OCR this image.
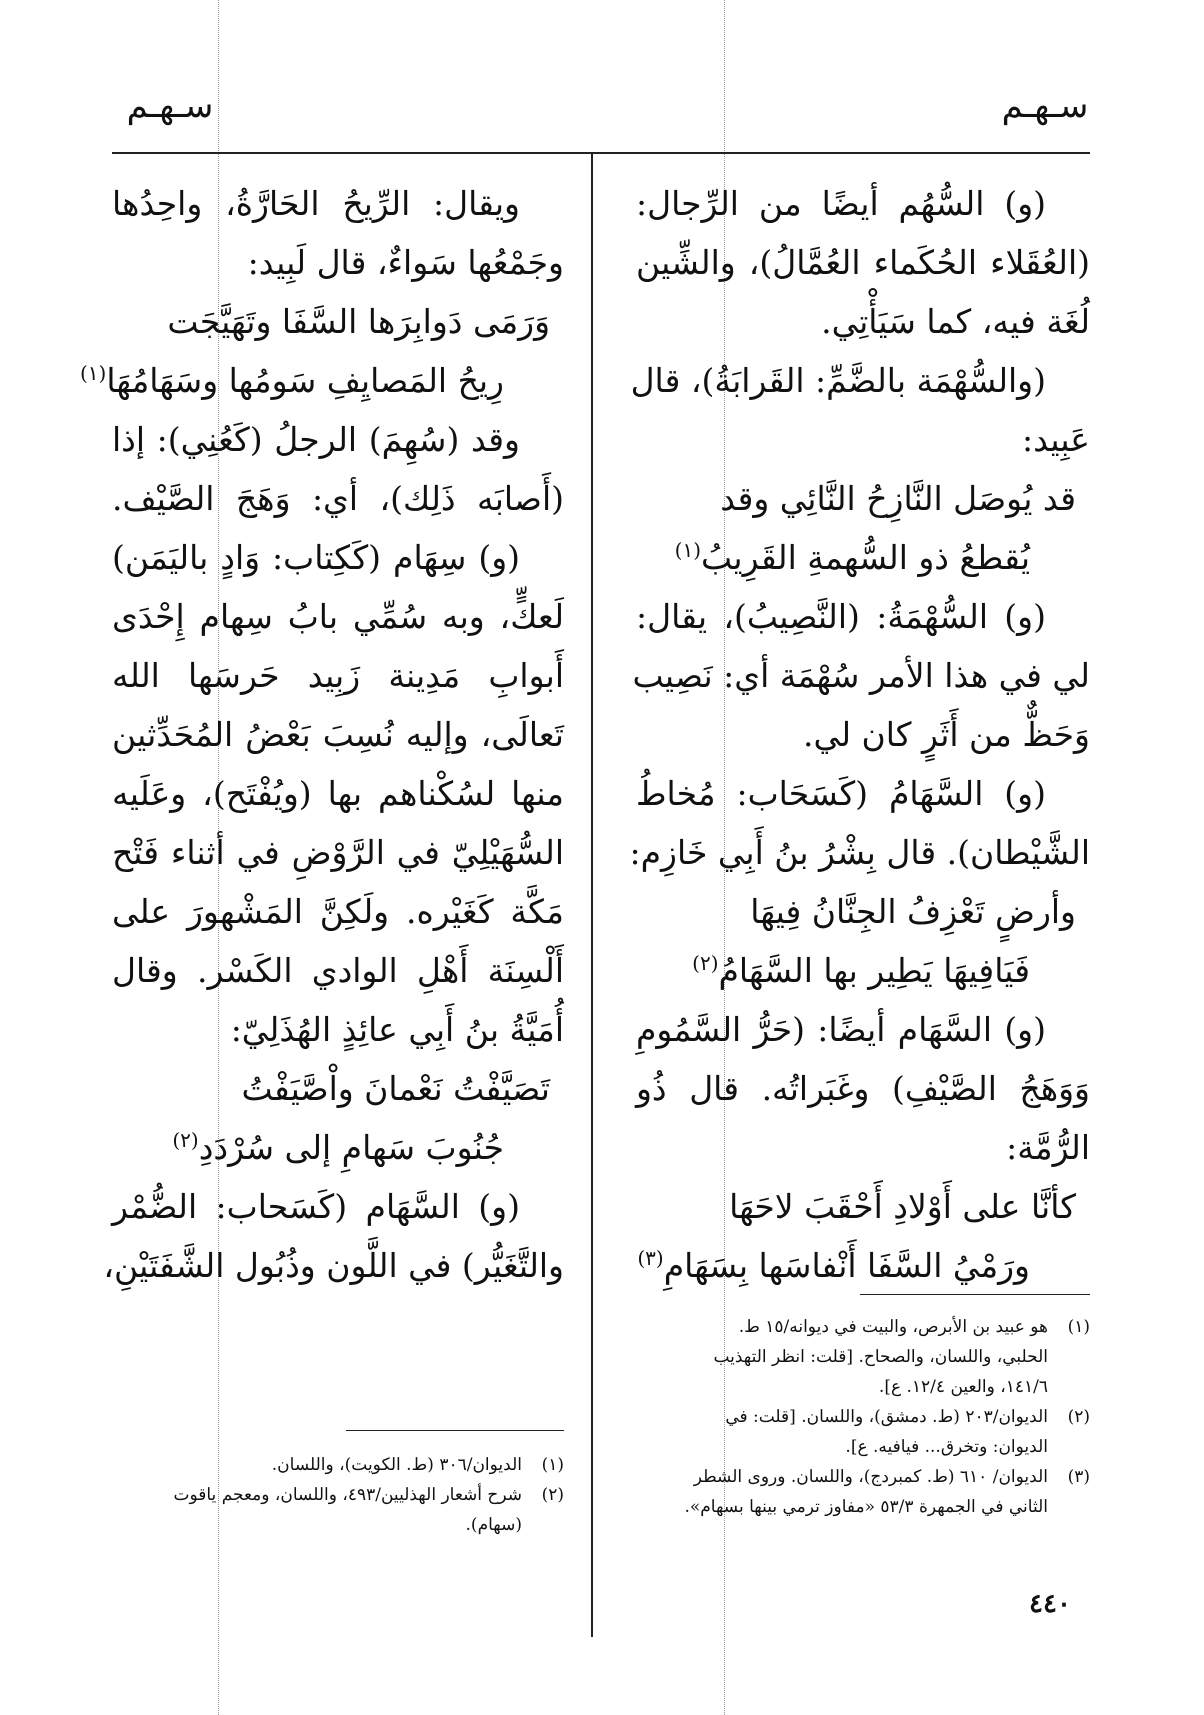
سـهـم
سـهـم
(و) السُّهُم أيضًا من الرِّجال:
(العُقَلاء الحُكَماء العُمَّالُ)، والشِّين
لُغَة فيه، كما سَيَأْتِي.
(والسُّهْمَة بالضَّمِّ: القَرابَةُ)، قال
عَبِيد:
قد يُوصَل النَّازِحُ النَّائِي وقد
يُقطعُ ذو السُّهمةِ القَرِيبُ$^{(١)}$
(و) السُّهْمَةُ: (النَّصِيبُ)، يقال:
لي في هذا الأمر سُهْمَة أي: نَصِيب
وَحَظٌّ من أَثَرٍ كان لي.
(و) السَّهَامُ (كَسَحَاب: مُخاطُ
الشَّيْطان). قال بِشْرُ بنُ أَبِي خَازِم:
وأرضٍ تَعْزِفُ الجِنَّانُ فِيهَا
فَيَافِيهَا يَطِير بها السَّهَامُ$^{(٢)}$
(و) السَّهَام أيضًا: (حَرُّ السَّمُومِ
وَوَهَجُ الصَّيْفِ) وغَبَراتُه. قال ذُو
الرُّمَّة:
كأنَّا على أَوْلادِ أَحْقَبَ لاحَهَا
ورَمْيُ السَّفَا أَنْفاسَها بِسَهَامِ$^{(٣)}$
ويقال: الرِّيحُ الحَارَّةُ، واحِدُها
وجَمْعُها سَواءٌ، قال لَبِيد:
وَرَمَى دَوابِرَها السَّفَا وتَهَيَّجَت
رِيحُ المَصايِفِ سَومُها وسَهَامُهَا$^{(١)}$
وقد (سُهِمَ) الرجلُ (كَعُنِي): إذا
(أَصابَه ذَلِك)، أي: وَهَجَ الصَّيْف.
(و) سِهَام (كَكِتاب: وَادٍ باليَمَن)
لَعكٍّ، وبه سُمِّي بابُ سِهام إِحْدَى
أَبوابِ مَدِينة زَبِيد حَرسَها الله
تَعالَى، وإليه نُسِبَ بَعْضُ المُحَدِّثين
منها لسُكْناهم بها (ويُفْتَح)، وعَلَيه
السُّهَيْلِيّ في الرَّوْضِ في أثناء فَتْح
مَكَّة كَغَيْره. ولَكِنَّ المَشْهورَ على
أَلْسِنَة أَهْلِ الوادي الكَسْر. وقال
أُمَيَّةُ بنُ أَبِي عائِذٍ الهُذَلِيّ:
تَصَيَّفْتُ نَعْمانَ واْصَّيَفْتُ
جُنُوبَ سَهامِ إلى سُرْدَدِ$^{(٢)}$
(و) السَّهَام (كَسَحاب: الضُّمْر
والتَّغَيُّر) في اللَّون وذُبُول الشَّفَتَيْنِ،
(١)هو عبيد بن الأبرص، والبيت في ديوانه/١٥ ط.
الحلبي، واللسان، والصحاح. [قلت: انظر التهذيب
١٤١/٦، والعين ١٢/٤. ع].
(٢)الديوان/٢٠٣ (ط. دمشق)، واللسان. [قلت: في
الديوان: وتخرق... فيافيه. ع].
(٣)الديوان/ ٦١٠ (ط. كمبردج)، واللسان. وروى الشطر
الثاني في الجمهرة ٥٣/٣ «مفاوز ترمي بينها بسهام».
(١)الديوان/٣٠٦ (ط. الكويت)، واللسان.
(٢)شرح أشعار الهذليين/٤٩٣، واللسان، ومعجم ياقوت
(سهام).
٤٤٠
